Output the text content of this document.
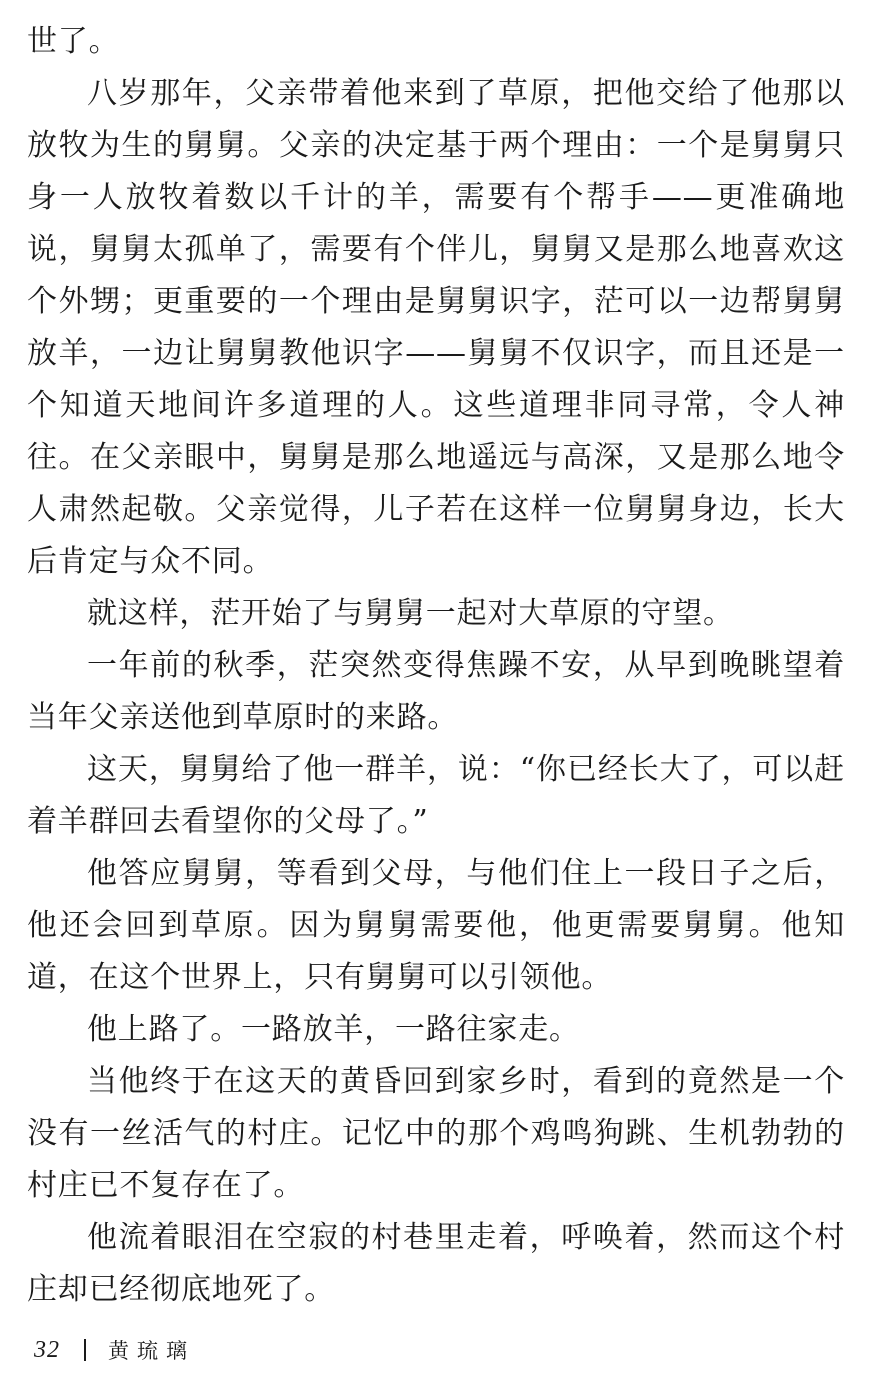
世了。

八岁那年，父亲带着他来到了草原，把他交给了他那以放牧为生的舅舅。父亲的决定基于两个理由：一个是舅舅只身一人放牧着数以千计的羊，需要有个帮手——更准确地说，舅舅太孤单了，需要有个伴儿，舅舅又是那么地喜欢这个外甥；更重要的一个理由是舅舅识字，茫可以一边帮舅舅放羊，一边让舅舅教他识字——舅舅不仅识字，而且还是一个知道天地间许多道理的人。这些道理非同寻常，令人神往。在父亲眼中，舅舅是那么地遥远与高深，又是那么地令人肃然起敬。父亲觉得，儿子若在这样一位舅舅身边，长大后肯定与众不同。

就这样，茫开始了与舅舅一起对大草原的守望。

一年前的秋季，茫突然变得焦躁不安，从早到晚眺望着当年父亲送他到草原时的来路。

这天，舅舅给了他一群羊，说：“你已经长大了，可以赶着羊群回去看望你的父母了。”

他答应舅舅，等看到父母，与他们住上一段日子之后，他还会回到草原。因为舅舅需要他，他更需要舅舅。他知道，在这个世界上，只有舅舅可以引领他。

他上路了。一路放羊，一路往家走。

当他终于在这天的黄昏回到家乡时，看到的竟然是一个没有一丝活气的村庄。记忆中的那个鸡鸣狗跳、生机勃勃的村庄已不复存在了。

他流着眼泪在空寂的村巷里走着，呼唤着，然而这个村庄却已经彻底地死了。

32 黄琉璃
